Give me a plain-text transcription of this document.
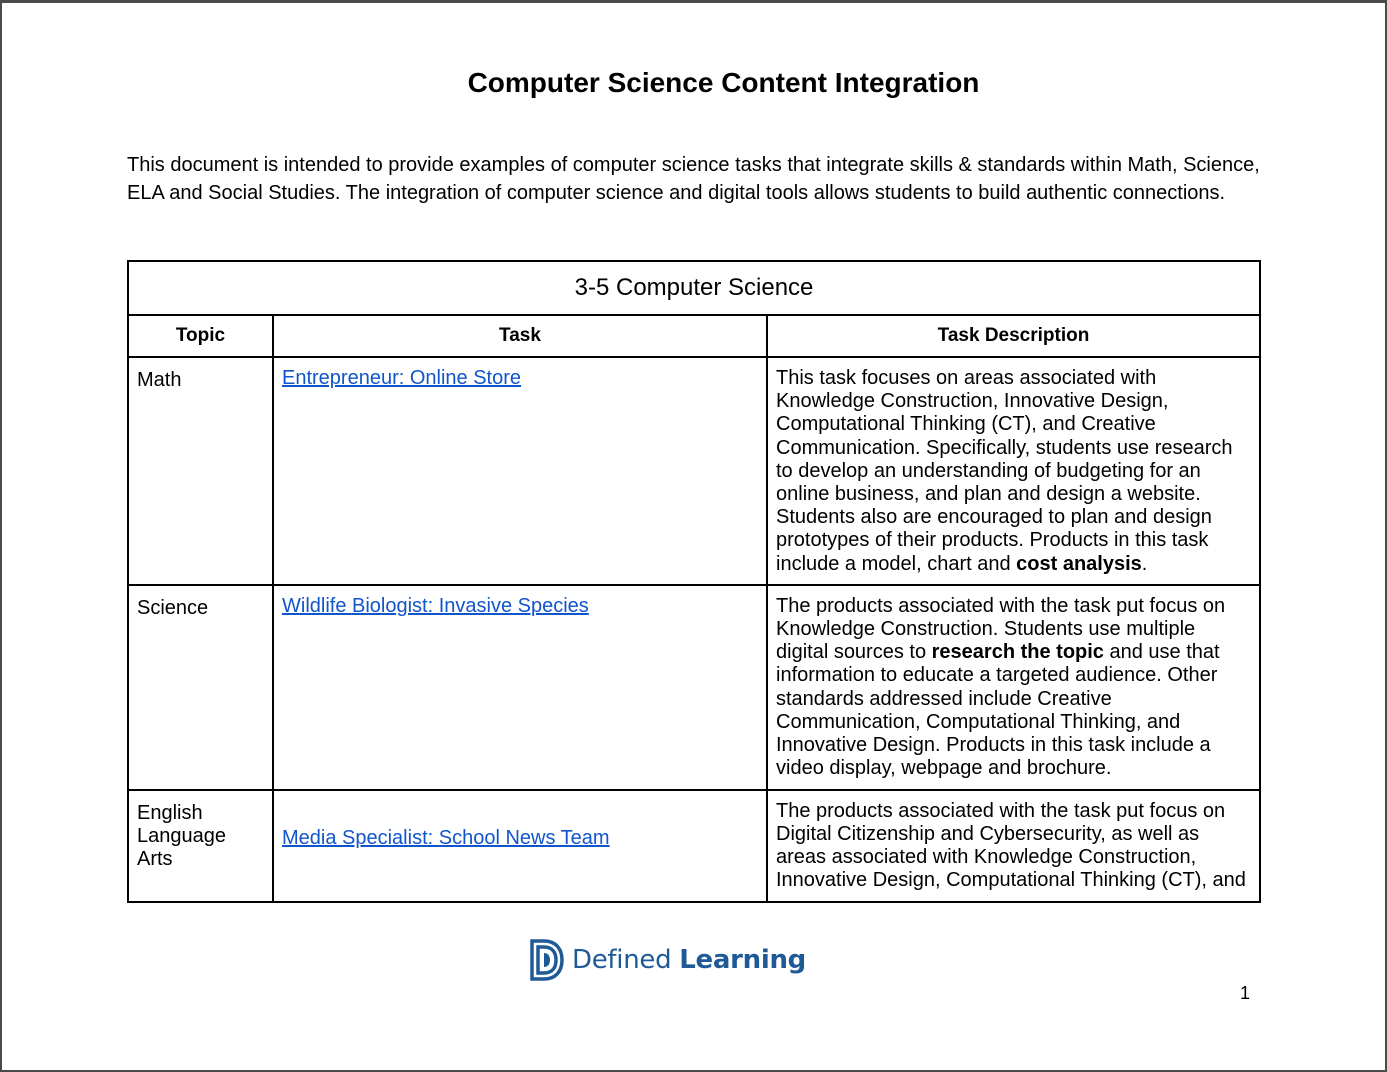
Computer Science Content Integration

This document is intended to provide examples of computer science tasks that integrate skills & standards within Math, Science, ELA and Social Studies. The integration of computer science and digital tools allows students to build authentic connections.

3-5 Computer Science		
Topic	Task	Task Description
Math	Entrepreneur: Online Store	This task focuses on areas associated with Knowledge Construction, Innovative Design, Computational Thinking (CT), and Creative Communication. Specifically, students use research to develop an understanding of budgeting for an online business, and plan and design a website. Students also are encouraged to plan and design prototypes of their products. Products in this task include a model, chart and cost analysis.
Science	Wildlife Biologist: Invasive Species	The products associated with the task put focus on Knowledge Construction. Students use multiple digital sources to research the topic and use that information to educate a targeted audience. Other standards addressed include Creative Communication, Computational Thinking, and Innovative Design. Products in this task include a video display, webpage and brochure.

English Language Arts	Media Specialist: School News Team	The products associated with the task put focus on Digital Citizenship and Cybersecurity, as well as areas associated with Knowledge Construction, Innovative Design, Computational Thinking (CT), and
Defined Learning
1
